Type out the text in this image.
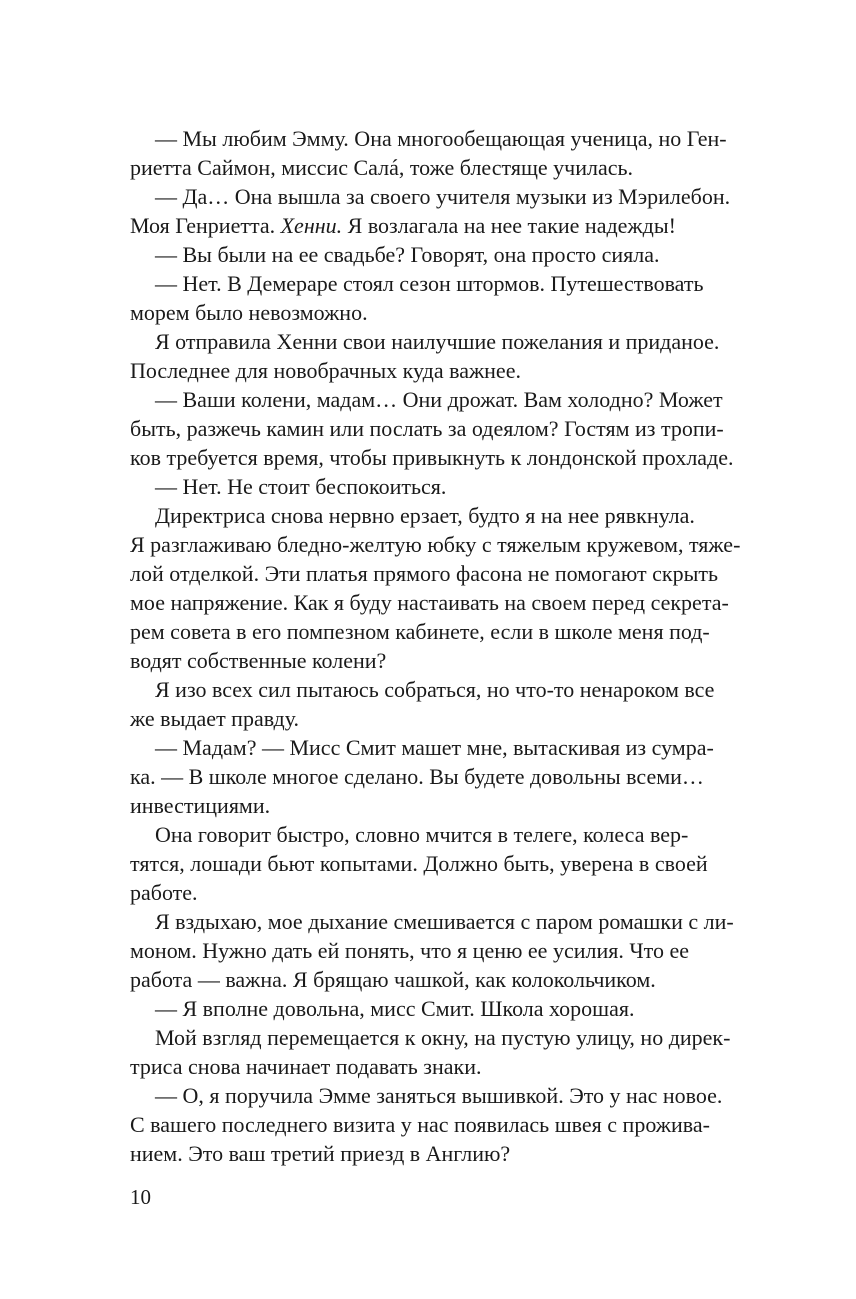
— Мы любим Эмму. Она многообещающая ученица, но Ген-
риетта Саймон, миссис Салá, тоже блестяще училась.
— Да… Она вышла за своего учителя музыки из Мэрилебон.
Моя Генриетта. Хенни. Я возлагала на нее такие надежды!
— Вы были на ее свадьбе? Говорят, она просто сияла.
— Нет. В Демераре стоял сезон штормов. Путешествовать
морем было невозможно.
Я отправила Хенни свои наилучшие пожелания и приданое.
Последнее для новобрачных куда важнее.
— Ваши колени, мадам… Они дрожат. Вам холодно? Может
быть, разжечь камин или послать за одеялом? Гостям из тропи-
ков требуется время, чтобы привыкнуть к лондонской прохладе.
— Нет. Не стоит беспокоиться.
Директриса снова нервно ерзает, будто я на нее рявкнула.
Я разглаживаю бледно-желтую юбку с тяжелым кружевом, тяже-
лой отделкой. Эти платья прямого фасона не помогают скрыть
мое напряжение. Как я буду настаивать на своем перед секрета-
рем совета в его помпезном кабинете, если в школе меня под-
водят собственные колени?
Я изо всех сил пытаюсь собраться, но что-то ненароком все
же выдает правду.
— Мадам? — Мисс Смит машет мне, вытаскивая из сумра-
ка. — В школе многое сделано. Вы будете довольны всеми…
инвестициями.
Она говорит быстро, словно мчится в телеге, колеса вер-
тятся, лошади бьют копытами. Должно быть, уверена в своей
работе.
Я вздыхаю, мое дыхание смешивается с паром ромашки с ли-
моном. Нужно дать ей понять, что я ценю ее усилия. Что ее
работа — важна. Я брящаю чашкой, как колокольчиком.
— Я вполне довольна, мисс Смит. Школа хорошая.
Мой взгляд перемещается к окну, на пустую улицу, но дирек-
триса снова начинает подавать знаки.
— О, я поручила Эмме заняться вышивкой. Это у нас новое.
С вашего последнего визита у нас появилась швея с прожива-
нием. Это ваш третий приезд в Англию?
10
